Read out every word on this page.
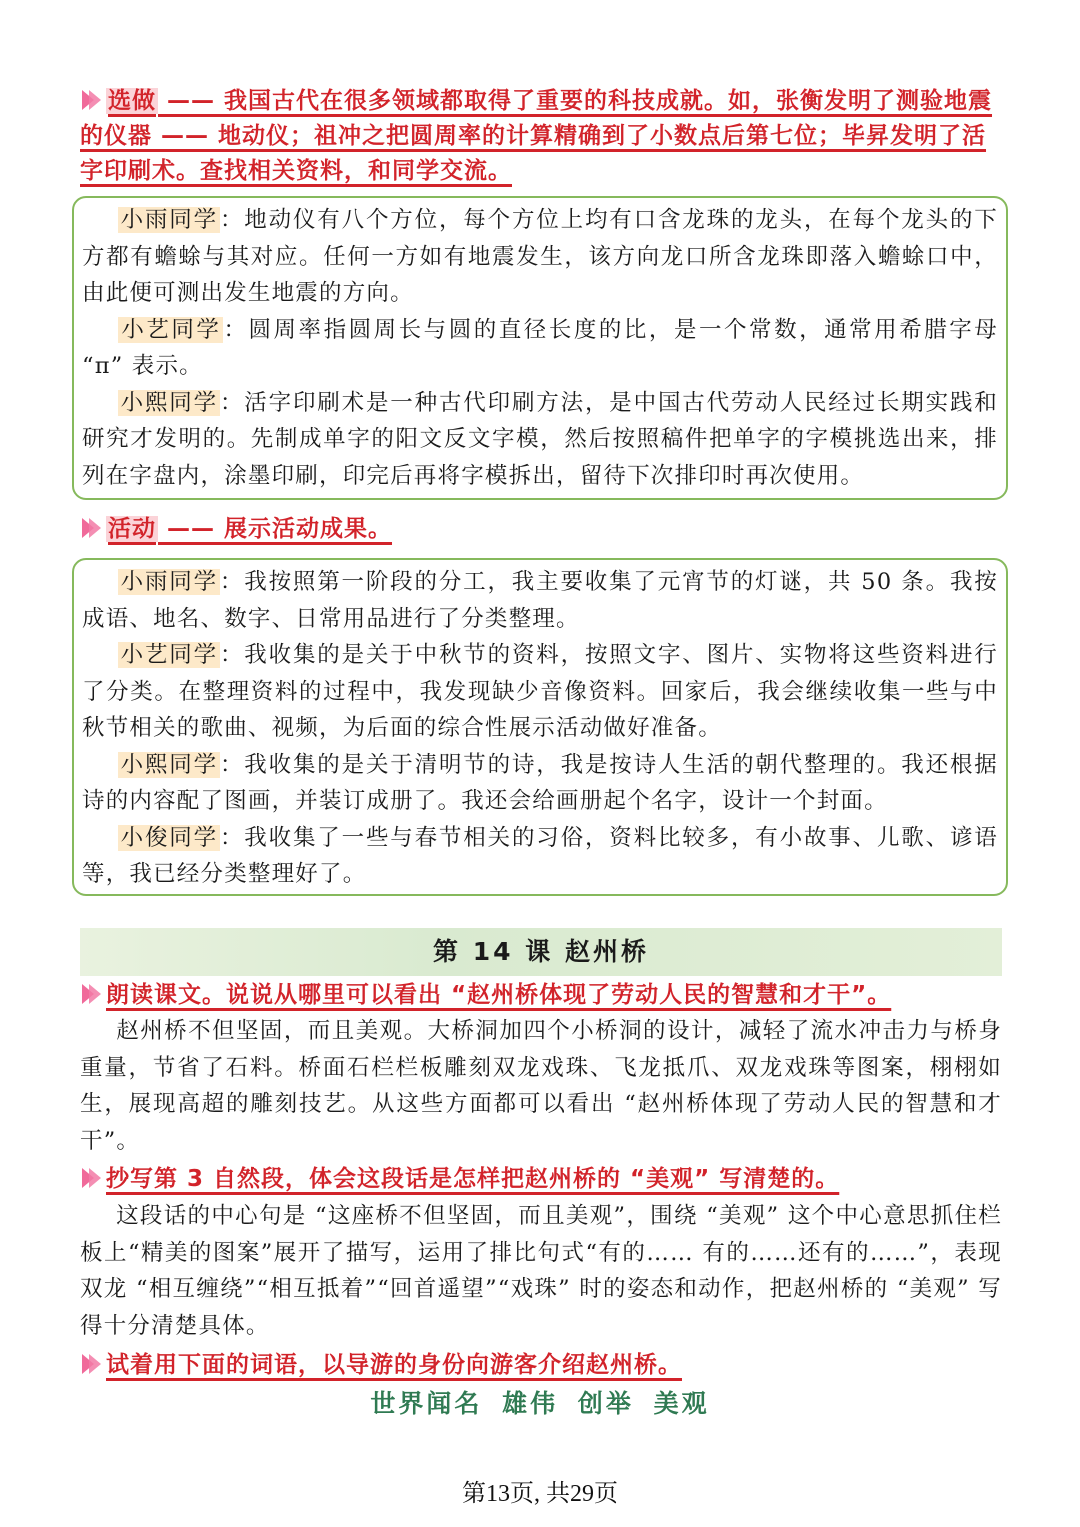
选做 —— 我国古代在很多领域都取得了重要的科技成就。如，张衡发明了测验地震的仪器 —— 地动仪；祖冲之把圆周率的计算精确到了小数点后第七位；毕昇发明了活字印刷术。查找相关资料，和同学交流。

小雨同学：地动仪有八个方位，每个方位上均有口含龙珠的龙头，在每个龙头的下方都有蟾蜍与其对应。任何一方如有地震发生，该方向龙口所含龙珠即落入蟾蜍口中，由此便可测出发生地震的方向。

小艺同学：圆周率指圆周长与圆的直径长度的比，是一个常数，通常用希腊字母 “π” 表示。

小熙同学：活字印刷术是一种古代印刷方法，是中国古代劳动人民经过长期实践和研究才发明的。先制成单字的阳文反文字模，然后按照稿件把单字的字模挑选出来，排列在字盘内，涂墨印刷，印完后再将字模拆出，留待下次排印时再次使用。

活动 —— 展示活动成果。

小雨同学：我按照第一阶段的分工，我主要收集了元宵节的灯谜，共 50 条。我按成语、地名、数字、日常用品进行了分类整理。

小艺同学：我收集的是关于中秋节的资料，按照文字、图片、实物将这些资料进行了分类。在整理资料的过程中，我发现缺少音像资料。回家后，我会继续收集一些与中秋节相关的歌曲、视频，为后面的综合性展示活动做好准备。

小熙同学：我收集的是关于清明节的诗，我是按诗人生活的朝代整理的。我还根据诗的内容配了图画，并装订成册了。我还会给画册起个名字，设计一个封面。

小俊同学：我收集了一些与春节相关的习俗，资料比较多，有小故事、儿歌、谚语等，我已经分类整理好了。

第 14 课 赵州桥
朗读课文。说说从哪里可以看出 “赵州桥体现了劳动人民的智慧和才干”。

赵州桥不但坚固，而且美观。大桥洞加四个小桥洞的设计，减轻了流水冲击力与桥身重量，节省了石料。桥面石栏栏板雕刻双龙戏珠、飞龙抵爪、双龙戏珠等图案，栩栩如生，展现高超的雕刻技艺。从这些方面都可以看出 “赵州桥体现了劳动人民的智慧和才干”。

抄写第 3 自然段，体会这段话是怎样把赵州桥的 “美观” 写清楚的。

这段话的中心句是 “这座桥不但坚固，而且美观”，围绕 “美观” 这个中心意思抓住栏板上“精美的图案”展开了描写，运用了排比句式“有的…… 有的……还有的……”，表现双龙 “相互缠绕”“相互抵着”“回首遥望”“戏珠” 时的姿态和动作，把赵州桥的 “美观” 写得十分清楚具体。

试着用下面的词语，以导游的身份向游客介绍赵州桥。
世界闻名 雄伟 创举 美观
第13页, 共29页
